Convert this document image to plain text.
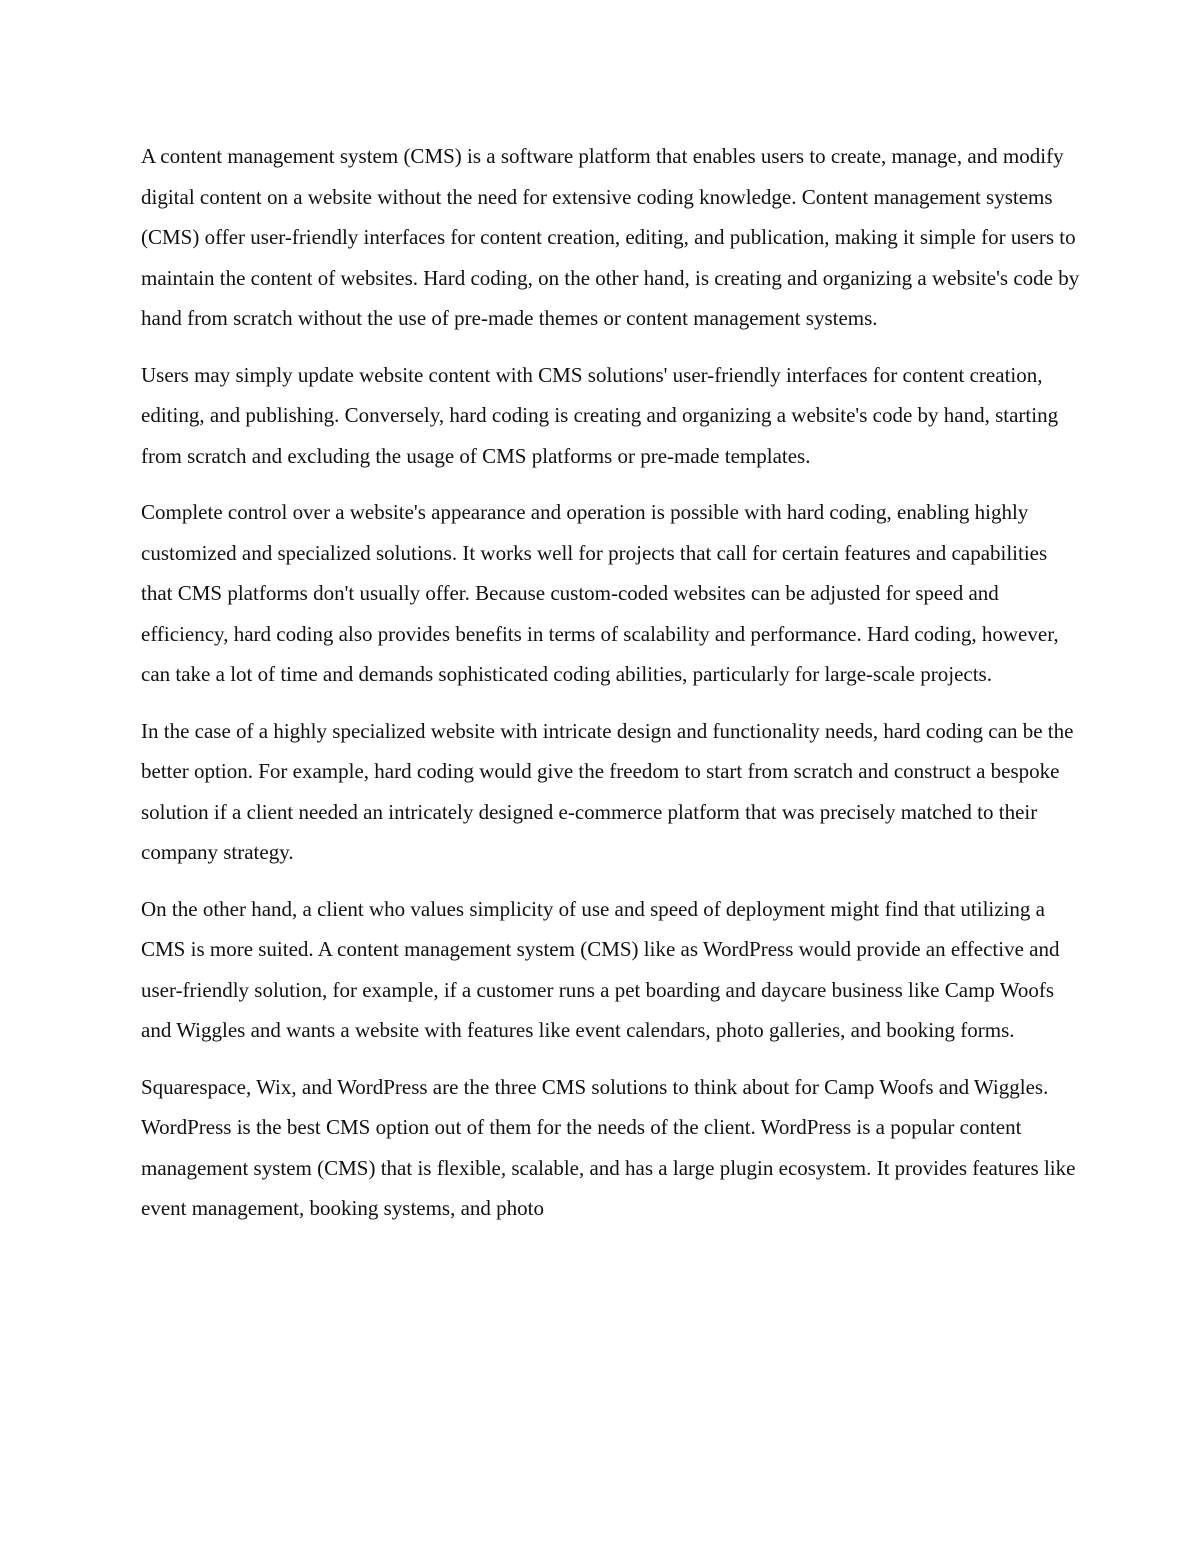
A content management system (CMS) is a software platform that enables users to create, manage, and modify digital content on a website without the need for extensive coding knowledge. Content management systems (CMS) offer user-friendly interfaces for content creation, editing, and publication, making it simple for users to maintain the content of websites. Hard coding, on the other hand, is creating and organizing a website's code by hand from scratch without the use of pre-made themes or content management systems.

Users may simply update website content with CMS solutions' user-friendly interfaces for content creation, editing, and publishing. Conversely, hard coding is creating and organizing a website's code by hand, starting from scratch and excluding the usage of CMS platforms or pre-made templates.

Complete control over a website's appearance and operation is possible with hard coding, enabling highly customized and specialized solutions. It works well for projects that call for certain features and capabilities that CMS platforms don't usually offer. Because custom-coded websites can be adjusted for speed and efficiency, hard coding also provides benefits in terms of scalability and performance. Hard coding, however, can take a lot of time and demands sophisticated coding abilities, particularly for large-scale projects.

In the case of a highly specialized website with intricate design and functionality needs, hard coding can be the better option. For example, hard coding would give the freedom to start from scratch and construct a bespoke solution if a client needed an intricately designed e-commerce platform that was precisely matched to their company strategy.

On the other hand, a client who values simplicity of use and speed of deployment might find that utilizing a CMS is more suited. A content management system (CMS) like as WordPress would provide an effective and user-friendly solution, for example, if a customer runs a pet boarding and daycare business like Camp Woofs and Wiggles and wants a website with features like event calendars, photo galleries, and booking forms.

Squarespace, Wix, and WordPress are the three CMS solutions to think about for Camp Woofs and Wiggles. WordPress is the best CMS option out of them for the needs of the client. WordPress is a popular content management system (CMS) that is flexible, scalable, and has a large plugin ecosystem. It provides features like event management, booking systems, and photo
